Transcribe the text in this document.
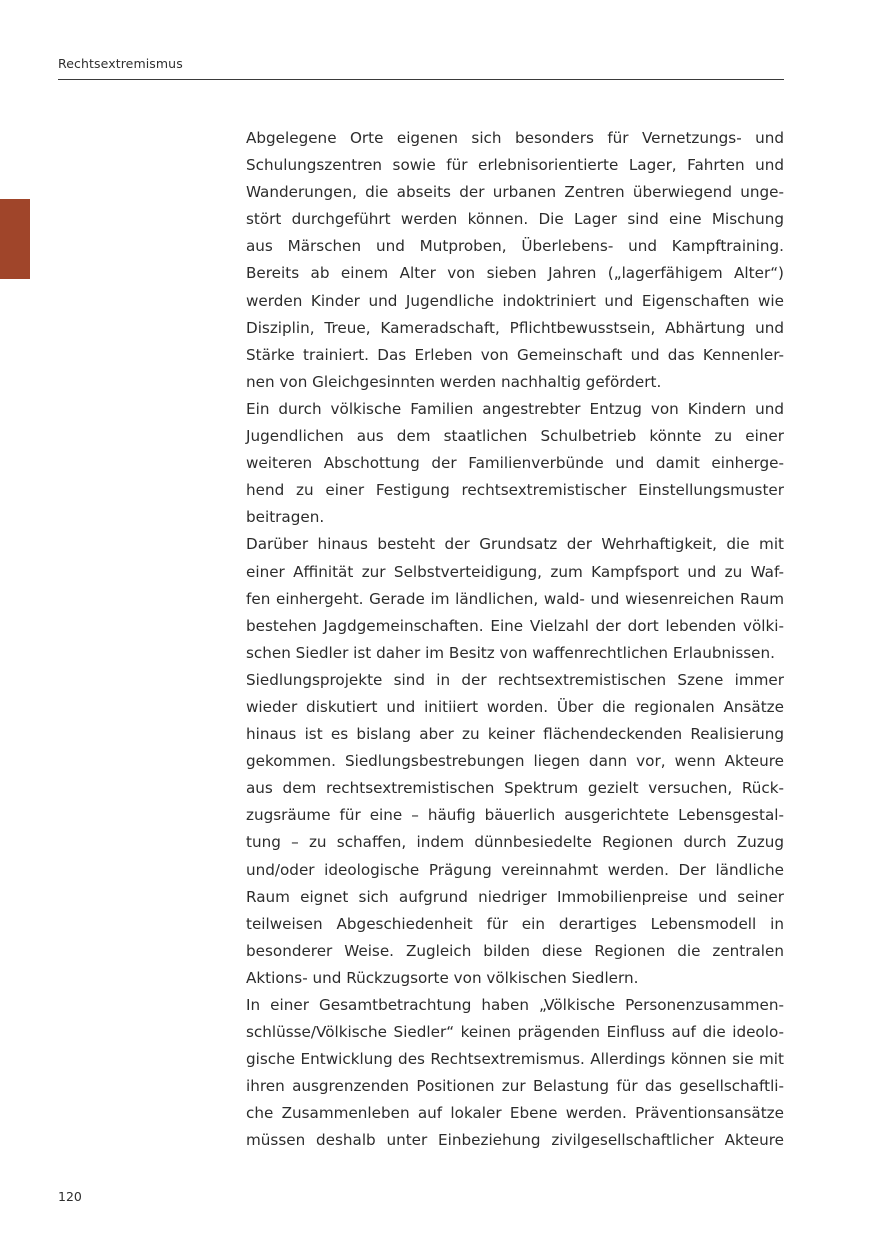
Rechtsextremismus
Abgelegene Orte eigenen sich besonders für Vernetzungs- und
Schulungszentren sowie für erlebnisorientierte Lager, Fahrten und
Wanderungen, die abseits der urbanen Zentren überwiegend unge-
stört durchgeführt werden können. Die Lager sind eine Mischung
aus Märschen und Mutproben, Überlebens- und Kampftraining.
Bereits ab einem Alter von sieben Jahren („lagerfähigem Alter“)
werden Kinder und Jugendliche indoktriniert und Eigenschaften wie
Disziplin, Treue, Kameradschaft, Pflichtbewusstsein, Abhärtung und
Stärke trainiert. Das Erleben von Gemeinschaft und das Kennenler-
nen von Gleichgesinnten werden nachhaltig gefördert.
Ein durch völkische Familien angestrebter Entzug von Kindern und
Jugendlichen aus dem staatlichen Schulbetrieb könnte zu einer
weiteren Abschottung der Familienverbünde und damit einherge-
hend zu einer Festigung rechtsextremistischer Einstellungsmuster
beitragen.
Darüber hinaus besteht der Grundsatz der Wehrhaftigkeit, die mit
einer Affinität zur Selbstverteidigung, zum Kampfsport und zu Waf-
fen einhergeht. Gerade im ländlichen, wald- und wiesenreichen Raum
bestehen Jagdgemeinschaften. Eine Vielzahl der dort lebenden völki-
schen Siedler ist daher im Besitz von waffenrechtlichen Erlaubnissen.
Siedlungsprojekte sind in der rechtsextremistischen Szene immer
wieder diskutiert und initiiert worden. Über die regionalen Ansätze
hinaus ist es bislang aber zu keiner flächendeckenden Realisierung
gekommen. Siedlungsbestrebungen liegen dann vor, wenn Akteure
aus dem rechtsextremistischen Spektrum gezielt versuchen, Rück-
zugsräume für eine – häufig bäuerlich ausgerichtete Lebensgestal-
tung – zu schaffen, indem dünnbesiedelte Regionen durch Zuzug
und/oder ideologische Prägung vereinnahmt werden. Der ländliche
Raum eignet sich aufgrund niedriger Immobilienpreise und seiner
teilweisen Abgeschiedenheit für ein derartiges Lebensmodell in
besonderer Weise. Zugleich bilden diese Regionen die zentralen
Aktions- und Rückzugsorte von völkischen Siedlern.
In einer Gesamtbetrachtung haben „Völkische Personenzusammen-
schlüsse/Völkische Siedler“ keinen prägenden Einfluss auf die ideolo-
gische Entwicklung des Rechtsextremismus. Allerdings können sie mit
ihren ausgrenzenden Positionen zur Belastung für das gesellschaftli-
che Zusammenleben auf lokaler Ebene werden. Präventionsansätze
müssen deshalb unter Einbeziehung zivilgesellschaftlicher Akteure
120
